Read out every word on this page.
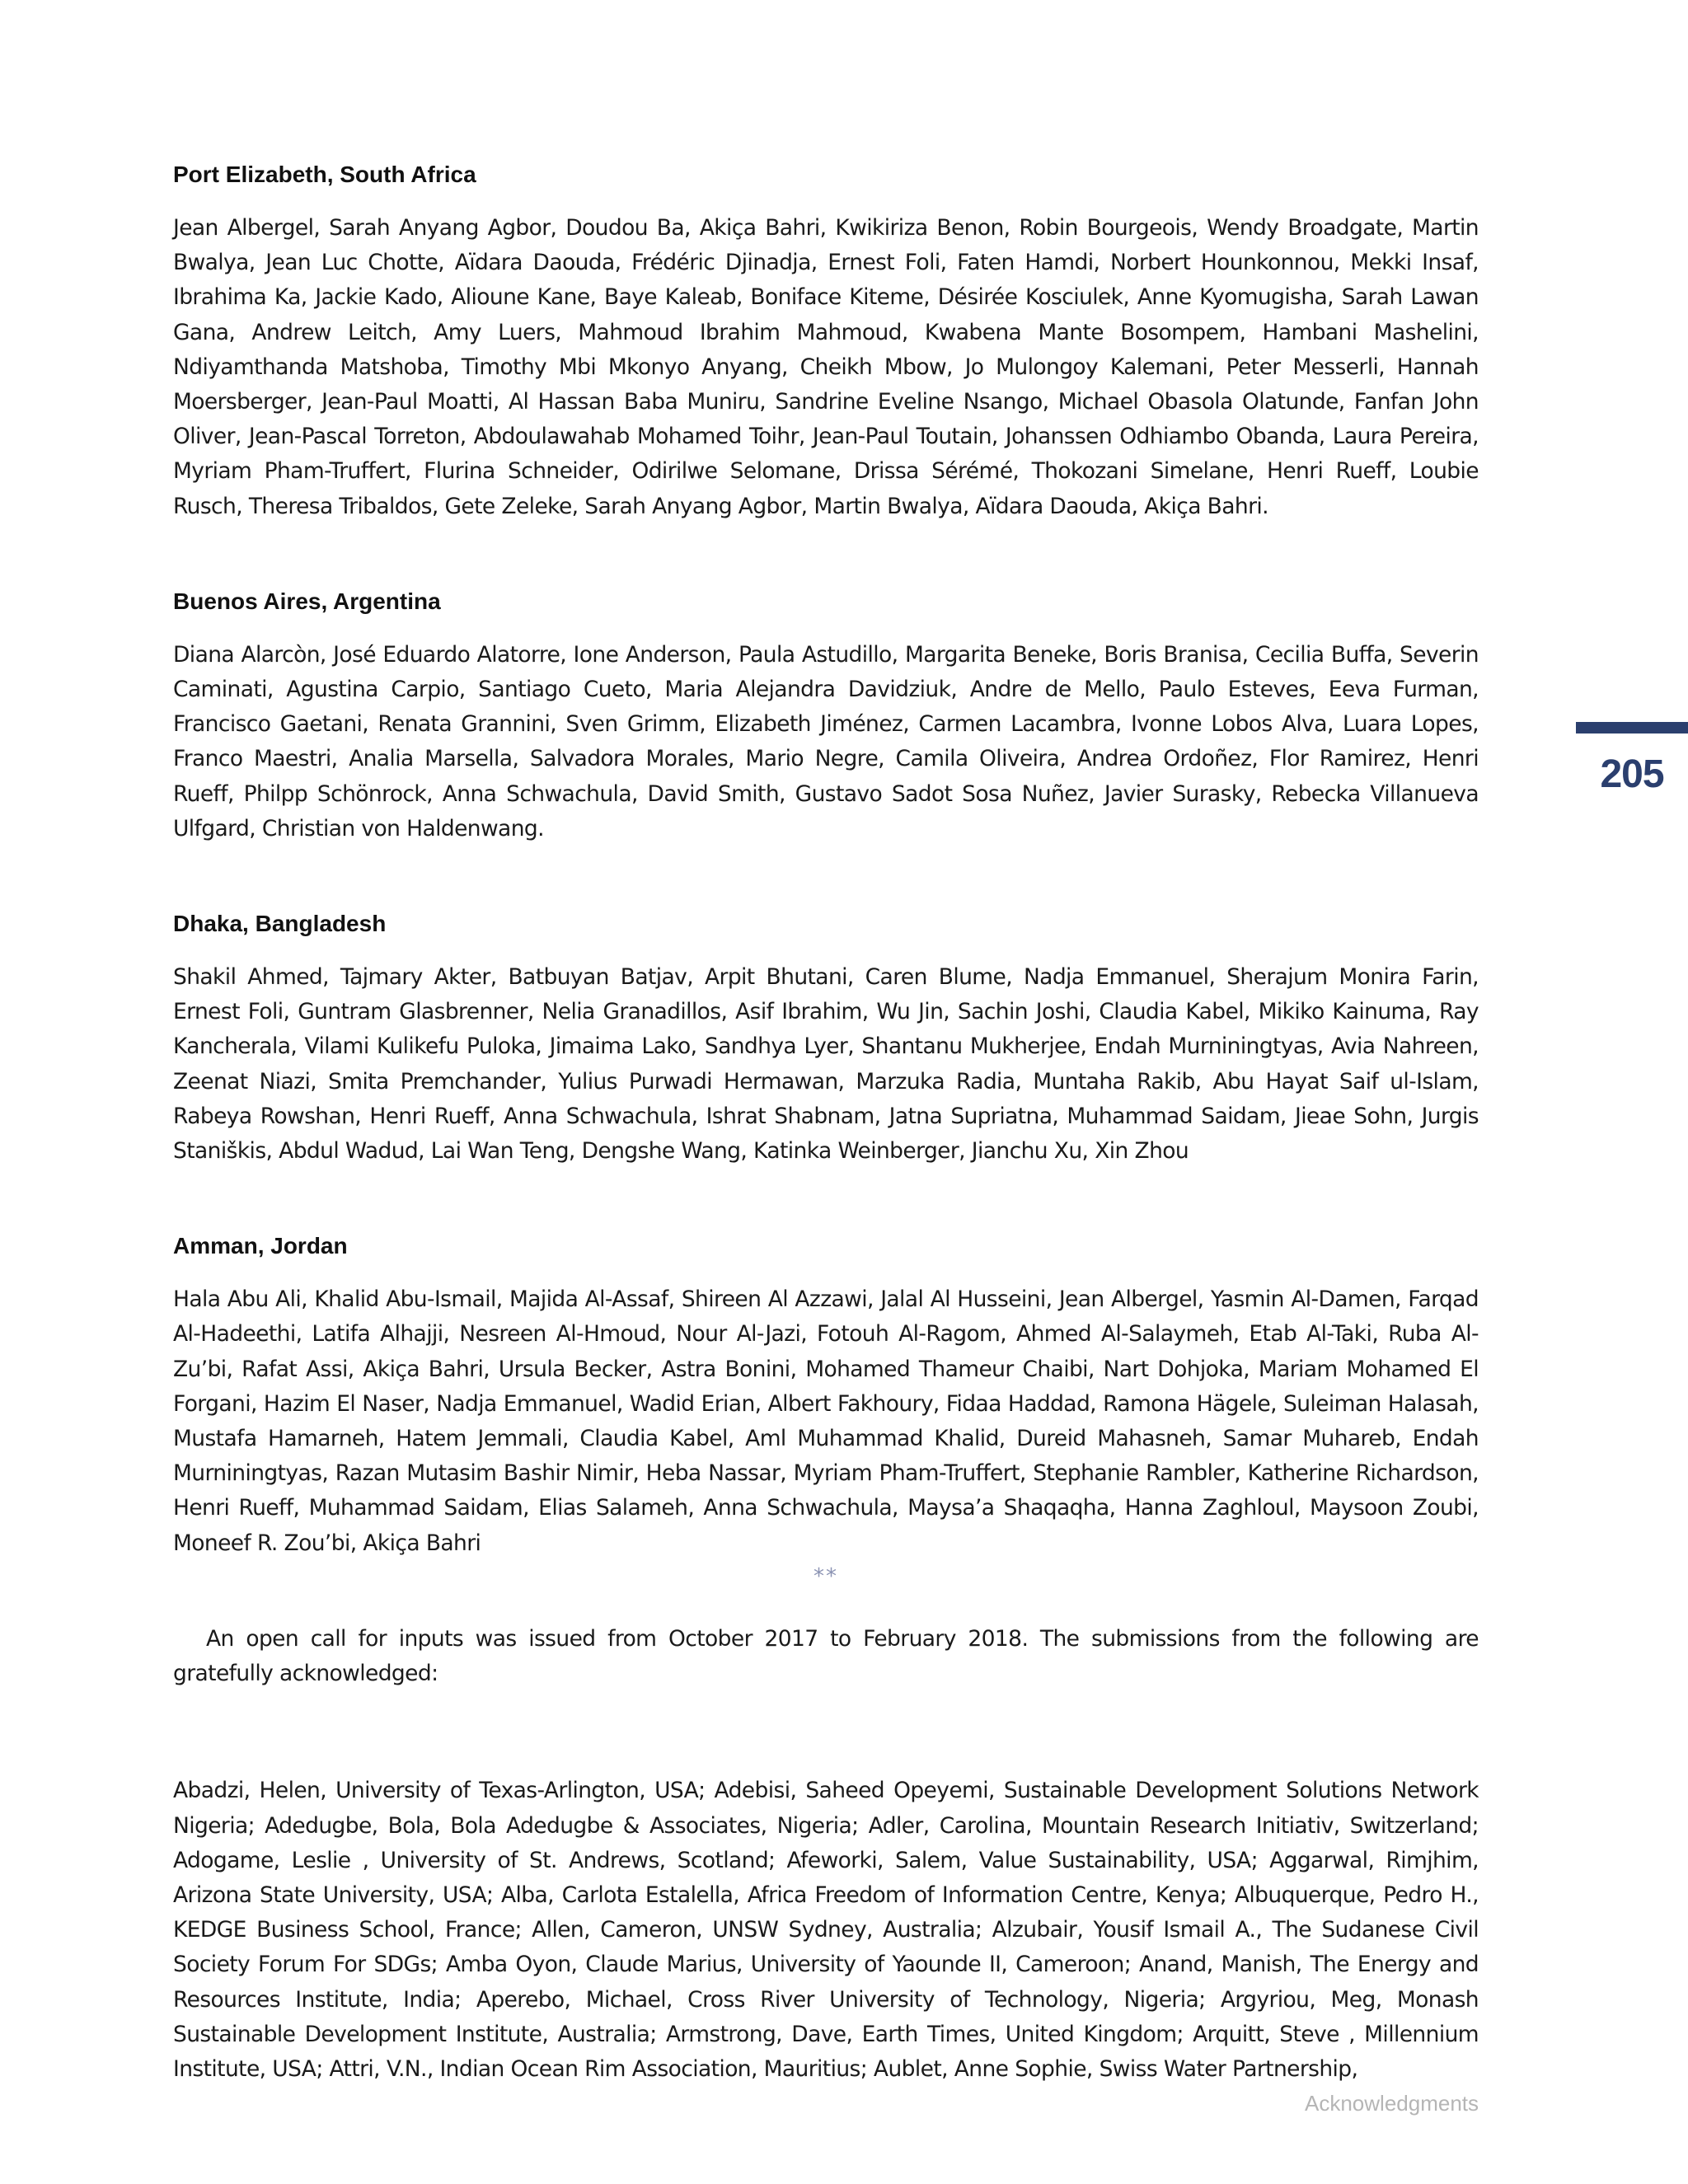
Port Elizabeth, South Africa

Jean Albergel, Sarah Anyang Agbor, Doudou Ba, Akiça Bahri, Kwikiriza Benon, Robin Bourgeois, Wendy Broadgate, Martin Bwalya, Jean Luc Chotte, Aïdara Daouda, Frédéric Djinadja, Ernest Foli, Faten Hamdi, Norbert Hounkonnou, Mekki Insaf, Ibrahima Ka, Jackie Kado, Alioune Kane, Baye Kaleab, Boniface Kiteme, Désirée Kosciulek, Anne Kyomugisha, Sarah Lawan Gana, Andrew Leitch, Amy Luers, Mahmoud Ibrahim Mahmoud, Kwabena Mante Bosompem, Hambani Mashelini, Ndiyamthanda Matshoba, Timothy Mbi Mkonyo Anyang, Cheikh Mbow, Jo Mulongoy Kalemani, Peter Messerli, Hannah Moersberger, Jean-Paul Moatti, Al Hassan Baba Muniru, Sandrine Eveline Nsango, Michael Obasola Olatunde, Fanfan John Oliver, Jean-Pascal Torreton, Abdoulawahab Mohamed Toihr, Jean-Paul Toutain, Johanssen Odhiambo Obanda, Laura Pereira, Myriam Pham-Truffert, Flurina Schneider, Odirilwe Selomane, Drissa Sérémé, Thokozani Simelane, Henri Rueff, Loubie Rusch, Theresa Tribaldos, Gete Zeleke, Sarah Anyang Agbor, Martin Bwalya, Aïdara Daouda, Akiça Bahri.

Buenos Aires, Argentina

Diana Alarcòn, José Eduardo Alatorre, Ione Anderson, Paula Astudillo, Margarita Beneke, Boris Branisa, Cecilia Buffa, Severin Caminati, Agustina Carpio, Santiago Cueto, Maria Alejandra Davidziuk, Andre de Mello, Paulo Esteves, Eeva Furman, Francisco Gaetani, Renata Grannini, Sven Grimm, Elizabeth Jiménez, Carmen Lacambra, Ivonne Lobos Alva, Luara Lopes, Franco Maestri, Analia Marsella, Salvadora Morales, Mario Negre, Camila Oliveira, Andrea Ordoñez, Flor Ramirez, Henri Rueff, Philpp Schönrock, Anna Schwachula, David Smith, Gustavo Sadot Sosa Nuñez, Javier Surasky, Rebecka Villanueva Ulfgard, Christian von Haldenwang.

Dhaka, Bangladesh

Shakil Ahmed, Tajmary Akter, Batbuyan Batjav, Arpit Bhutani, Caren Blume, Nadja Emmanuel, Sherajum Monira Farin, Ernest Foli, Guntram Glasbrenner, Nelia Granadillos, Asif Ibrahim, Wu Jin, Sachin Joshi, Claudia Kabel, Mikiko Kainuma, Ray Kancherala, Vilami Kulikefu Puloka, Jimaima Lako, Sandhya Lyer, Shantanu Mukherjee, Endah Murniningtyas, Avia Nahreen, Zeenat Niazi, Smita Premchander, Yulius Purwadi Hermawan, Marzuka Radia, Muntaha Rakib, Abu Hayat Saif ul-Islam, Rabeya Rowshan, Henri Rueff, Anna Schwachula, Ishrat Shabnam, Jatna Supriatna, Muhammad Saidam, Jieae Sohn, Jurgis Staniškis, Abdul Wadud, Lai Wan Teng, Dengshe Wang, Katinka Weinberger, Jianchu Xu, Xin Zhou

Amman, Jordan

Hala Abu Ali, Khalid Abu-Ismail, Majida Al-Assaf, Shireen Al Azzawi, Jalal Al Husseini, Jean Albergel, Yasmin Al-Damen, Farqad Al-Hadeethi, Latifa Alhajji, Nesreen Al-Hmoud, Nour Al-Jazi, Fotouh Al-Ragom, Ahmed Al-Salaymeh, Etab Al-Taki, Ruba Al-Zu’bi, Rafat Assi, Akiça Bahri, Ursula Becker, Astra Bonini, Mohamed Thameur Chaibi, Nart Dohjoka, Mariam Mohamed El Forgani, Hazim El Naser, Nadja Emmanuel, Wadid Erian, Albert Fakhoury, Fidaa Haddad, Ramona Hägele, Suleiman Halasah, Mustafa Hamarneh, Hatem Jemmali, Claudia Kabel, Aml Muhammad Khalid, Dureid Mahasneh, Samar Muhareb, Endah Murniningtyas, Razan Mutasim Bashir Nimir, Heba Nassar, Myriam Pham-Truffert, Stephanie Rambler, Katherine Richardson, Henri Rueff, Muhammad Saidam, Elias Salameh, Anna Schwachula, Maysa’a Shaqaqha, Hanna Zaghloul, Maysoon Zoubi, Moneef R. Zou’bi, Akiça Bahri

**

An open call for inputs was issued from October 2017 to February 2018. The submissions from the following are gratefully acknowledged:

Abadzi, Helen, University of Texas-Arlington, USA; Adebisi, Saheed Opeyemi, Sustainable Development Solutions Network Nigeria; Adedugbe, Bola, Bola Adedugbe & Associates, Nigeria; Adler, Carolina, Mountain Research Initiativ, Switzerland; Adogame, Leslie , University of St. Andrews, Scotland; Afeworki, Salem, Value Sustainability, USA; Aggarwal, Rimjhim, Arizona State University, USA; Alba, Carlota Estalella, Africa Freedom of Information Centre, Kenya; Albuquerque, Pedro H., KEDGE Business School, France; Allen, Cameron, UNSW Sydney, Australia; Alzubair, Yousif Ismail A., The Sudanese Civil Society Forum For SDGs; Amba Oyon, Claude Marius, University of Yaounde II, Cameroon; Anand, Manish, The Energy and Resources Institute, India; Aperebo, Michael, Cross River University of Technology, Nigeria; Argyriou, Meg, Monash Sustainable Development Institute, Australia; Armstrong, Dave, Earth Times, United Kingdom; Arquitt, Steve , Millennium Institute, USA; Attri, V.N., Indian Ocean Rim Association, Mauritius; Aublet, Anne Sophie, Swiss Water Partnership,

205
Acknowledgments
